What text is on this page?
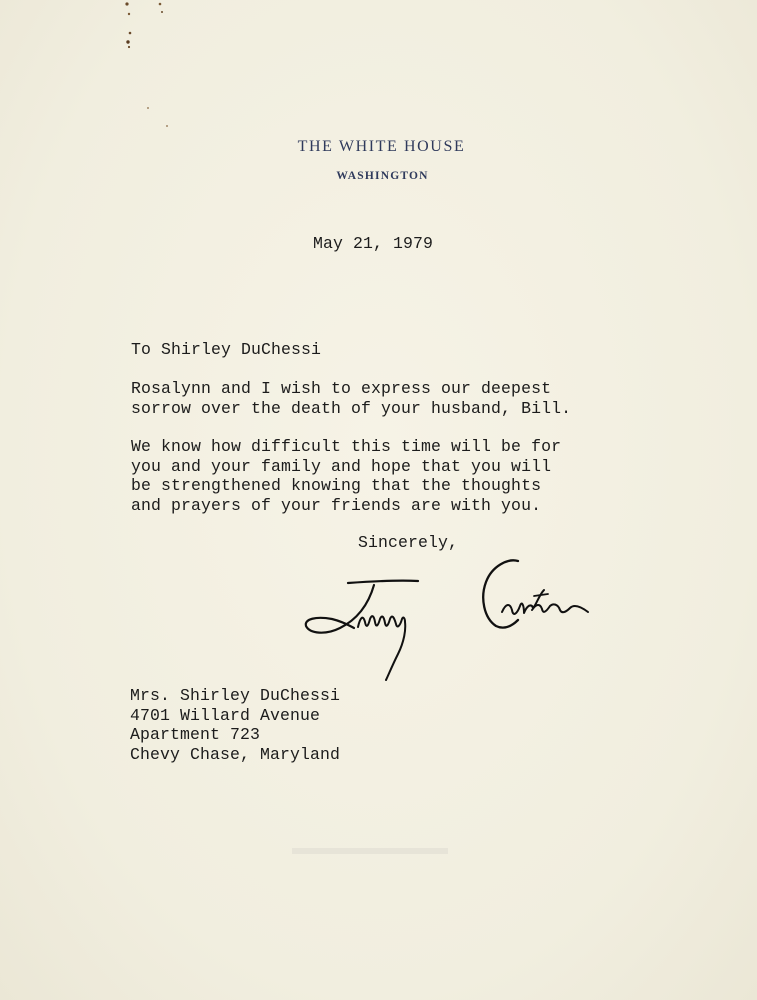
THE WHITE HOUSE
WASHINGTON
May 21, 1979
To Shirley DuChessi
Rosalynn and I wish to express our deepest
sorrow over the death of your husband, Bill.
We know how difficult this time will be for
you and your family and hope that you will
be strengthened knowing that the thoughts
and prayers of your friends are with you.
Sincerely,
Mrs. Shirley DuChessi
4701 Willard Avenue
Apartment 723
Chevy Chase, Maryland
